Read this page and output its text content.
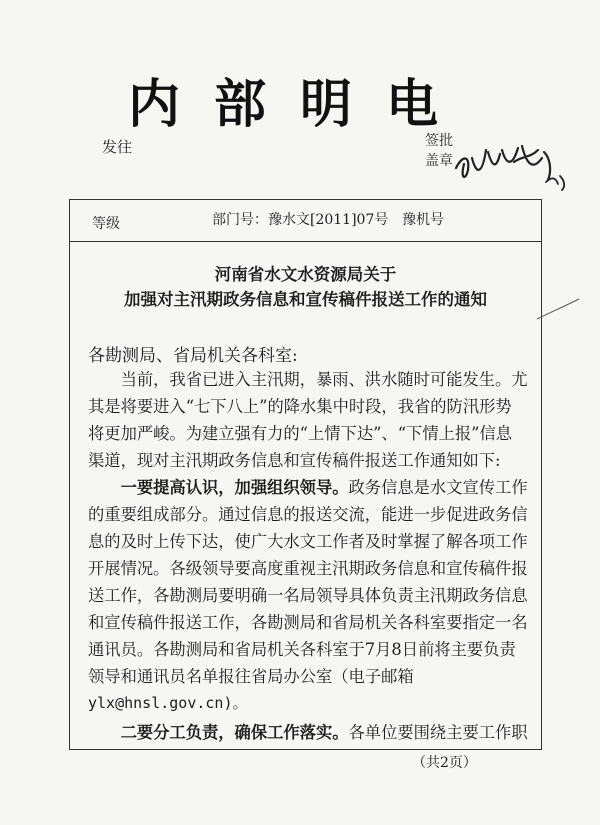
内部明电
发往	签批
盖章
等级	部门号：豫水文[2011]07号 豫机号
河南省水文水资源局关于
加强对主汛期政务信息和宣传稿件报送工作的通知
各勘测局、省局机关各科室:
　　当前，我省已进入主汛期，暴雨、洪水随时可能发生。尤
其是将要进入“七下八上”的降水集中时段，我省的防汛形势
将更加严峻。为建立强有力的“上情下达”、“下情上报”信息
渠道，现对主汛期政务信息和宣传稿件报送工作通知如下:
　　一要提高认识，加强组织领导。政务信息是水文宣传工作
的重要组成部分。通过信息的报送交流，能进一步促进政务信
息的及时上传下达，使广大水文工作者及时掌握了解各项工作
开展情况。各级领导要高度重视主汛期政务信息和宣传稿件报
送工作，各勘测局要明确一名局领导具体负责主汛期政务信息
和宣传稿件报送工作，各勘测局和省局机关各科室要指定一名
通讯员。各勘测局和省局机关各科室于7月8日前将主要负责
领导和通讯员名单报往省局办公室（电子邮箱
ylx@hnsl.gov.cn)。
　　二要分工负责，确保工作落实。各单位要围绕主要工作职
（共2页）
